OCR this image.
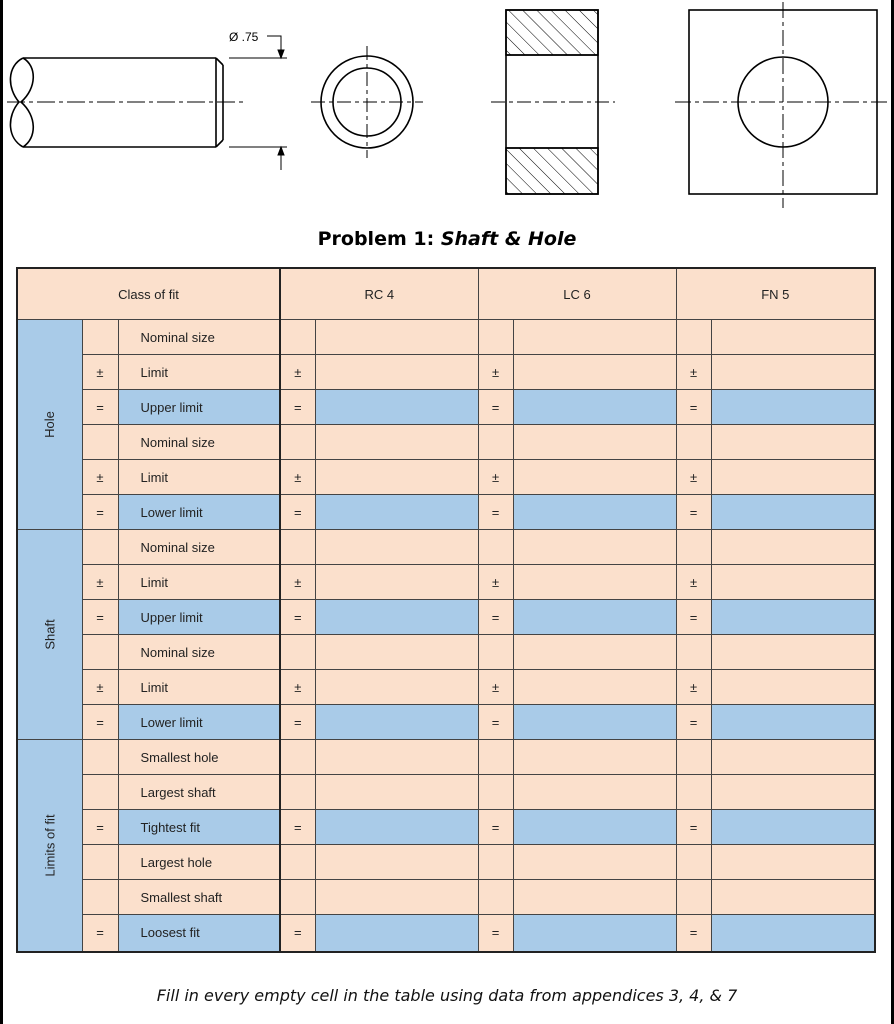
Ø .75
Problem 1: Shaft & Hole
Class of fit			RC 4		LC 6		FN 5	
Hole		Nominal size						
	±	Limit	±		±		±	
	=	Upper limit	=		=		=	
		Nominal size						
	±	Limit	±		±		±	
	=	Lower limit	=		=		=	
Shaft		Nominal size						
	±	Limit	±		±		±	
	=	Upper limit	=		=		=	
		Nominal size						
	±	Limit	±		±		±	
	=	Lower limit	=		=		=	
Limits of fit		Smallest hole						
		Largest shaft						
	=	Tightest fit	=		=		=	
		Largest hole						
		Smallest shaft						
	=	Loosest fit	=		=		=	
Fill in every empty cell in the table using data from appendices 3, 4, & 7
